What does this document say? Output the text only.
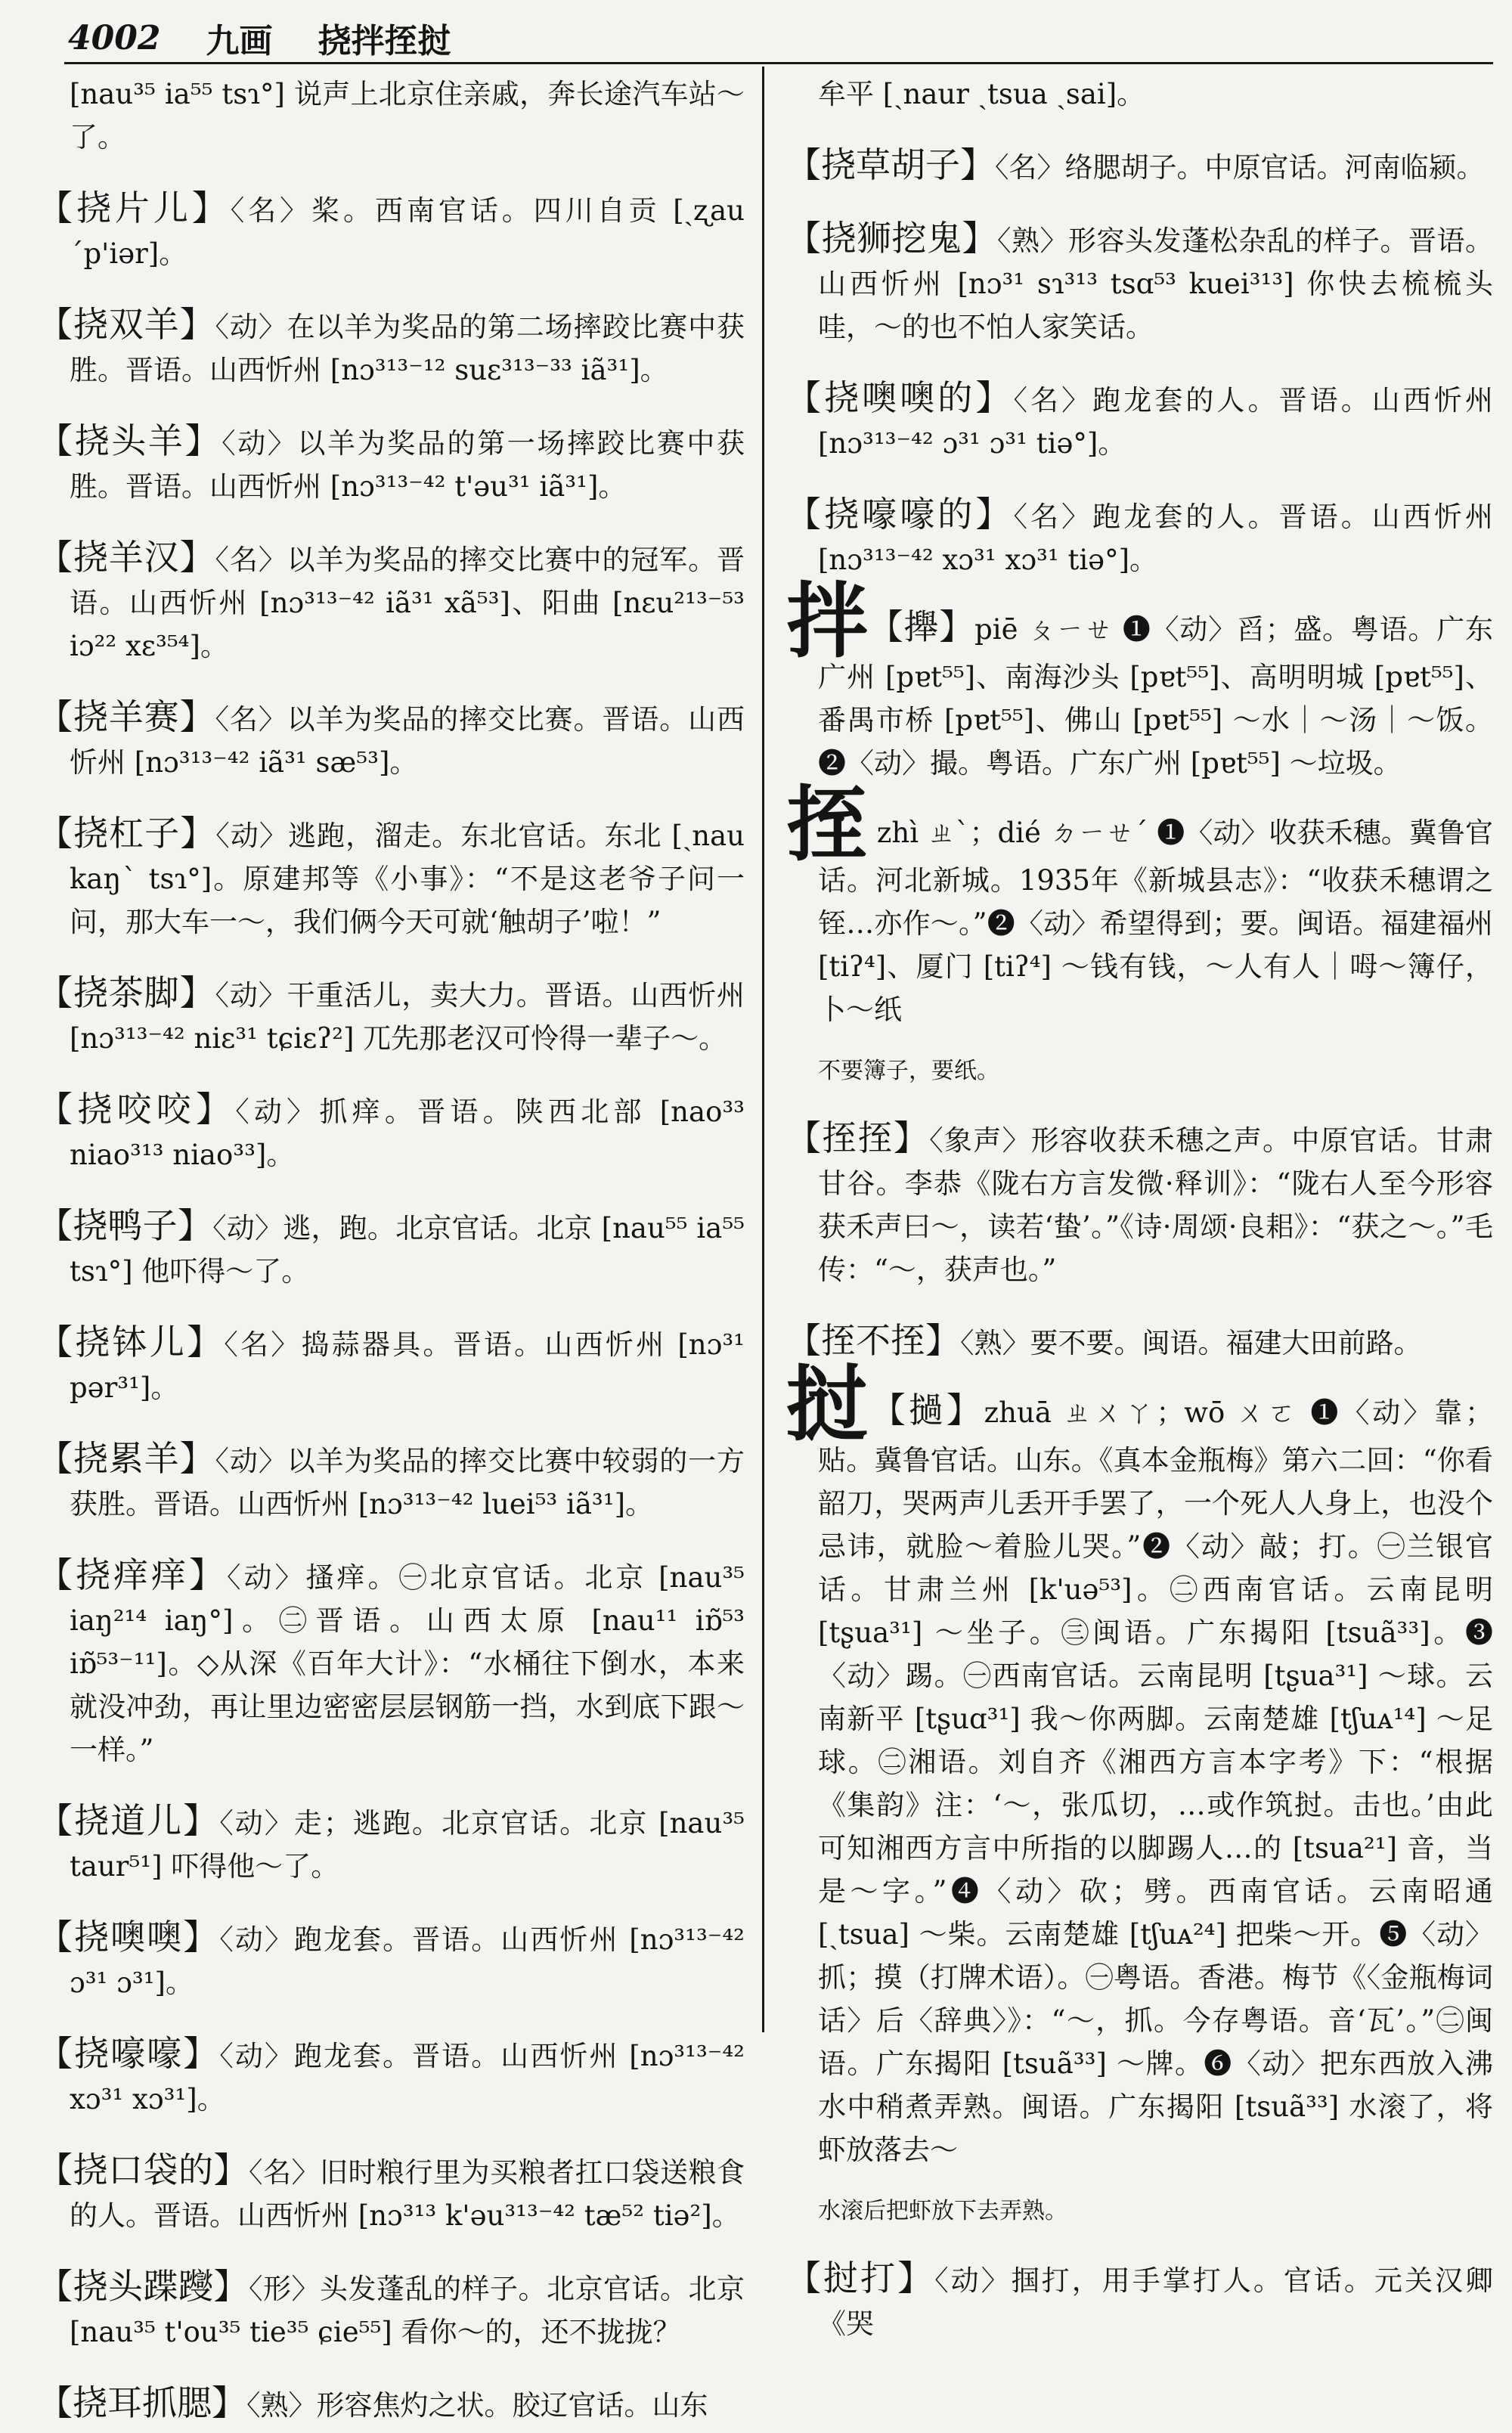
4002 九画 挠拌挃挝

[nau³⁵ ia⁵⁵ tsɿ°] 说声上北京住亲戚，奔长途汽车站～了。

【挠片儿】〈名〉桨。西南官话。四川自贡 [ˏʐau ˊp'iər]。

【挠双羊】〈动〉在以羊为奖品的第二场摔跤比赛中获胜。晋语。山西忻州 [nɔ³¹³⁻¹² suɛ³¹³⁻³³ iã³¹]。

【挠头羊】〈动〉以羊为奖品的第一场摔跤比赛中获胜。晋语。山西忻州 [nɔ³¹³⁻⁴² t'əu³¹ iã³¹]。

【挠羊汉】〈名〉以羊为奖品的摔交比赛中的冠军。晋语。山西忻州 [nɔ³¹³⁻⁴² iã³¹ xã⁵³]、阳曲 [nɛu²¹³⁻⁵³ iɔ²² xɛ³⁵⁴]。

【挠羊赛】〈名〉以羊为奖品的摔交比赛。晋语。山西忻州 [nɔ³¹³⁻⁴² iã³¹ sæ⁵³]。

【挠杠子】〈动〉逃跑，溜走。东北官话。东北 [ˏnau kaŋˋ tsɿ°]。原建邦等《小事》：“不是这老爷子问一问，那大车一～，我们俩今天可就‘触胡子’啦！”

【挠茶脚】〈动〉干重活儿，卖大力。晋语。山西忻州 [nɔ³¹³⁻⁴² niɛ³¹ tɕiɛʔ²] 兀先那老汉可怜得一辈子～。

【挠咬咬】〈动〉抓痒。晋语。陕西北部 [nao³³ niao³¹³ niao³³]。

【挠鸭子】〈动〉逃，跑。北京官话。北京 [nau⁵⁵ ia⁵⁵ tsɿ°] 他吓得～了。

【挠钵儿】〈名〉捣蒜器具。晋语。山西忻州 [nɔ³¹ pər³¹]。

【挠累羊】〈动〉以羊为奖品的摔交比赛中较弱的一方获胜。晋语。山西忻州 [nɔ³¹³⁻⁴² luei⁵³ iã³¹]。

【挠痒痒】〈动〉搔痒。㊀北京官话。北京 [nau³⁵ iaŋ²¹⁴ iaŋ°]。㊁晋语。山西太原 [nau¹¹ iɒ̃⁵³ iɒ̃⁵³⁻¹¹]。◇从深《百年大计》：“水桶往下倒水，本来就没冲劲，再让里边密密层层钢筋一挡，水到底下跟～一样。”

【挠道儿】〈动〉走；逃跑。北京官话。北京 [nau³⁵ taur⁵¹] 吓得他～了。

【挠噢噢】〈动〉跑龙套。晋语。山西忻州 [nɔ³¹³⁻⁴² ɔ³¹ ɔ³¹]。

【挠嚎嚎】〈动〉跑龙套。晋语。山西忻州 [nɔ³¹³⁻⁴² xɔ³¹ xɔ³¹]。

【挠口袋的】〈名〉旧时粮行里为买粮者扛口袋送粮食的人。晋语。山西忻州 [nɔ³¹³ k'əu³¹³⁻⁴² tæ⁵² tiə²]。

【挠头蹀躞】〈形〉头发蓬乱的样子。北京官话。北京 [nau³⁵ t'ou³⁵ tie³⁵ ɕie⁵⁵] 看你～的，还不拢拢？

【挠耳抓腮】〈熟〉形容焦灼之状。胶辽官话。山东

牟平 [ˏnaur ˏtsua ˏsai]。

【挠草胡子】〈名〉络腮胡子。中原官话。河南临颍。

【挠狮挖鬼】〈熟〉形容头发蓬松杂乱的样子。晋语。山西忻州 [nɔ³¹ sɿ³¹³ tsɑ⁵³ kuei³¹³] 你快去梳梳头哇，～的也不怕人家笑话。

【挠噢噢的】〈名〉跑龙套的人。晋语。山西忻州 [nɔ³¹³⁻⁴² ɔ³¹ ɔ³¹ tiə°]。

【挠嚎嚎的】〈名〉跑龙套的人。晋语。山西忻州 [nɔ³¹³⁻⁴² xɔ³¹ xɔ³¹ tiə°]。

拌【攑】piē ㄆㄧㄝ ❶〈动〉舀；盛。粤语。广东广州 [pɐt⁵⁵]、南海沙头 [pɐt⁵⁵]、高明明城 [pɐt⁵⁵]、番禺市桥 [pɐt⁵⁵]、佛山 [pɐt⁵⁵] ～水｜～汤｜～饭。❷〈动〉撮。粤语。广东广州 [pɐt⁵⁵] ～垃圾。

挃 zhì ㄓˋ；dié ㄉㄧㄝˊ ❶〈动〉收获禾穗。冀鲁官话。河北新城。1935年《新城县志》：“收获禾穗谓之铚…亦作～。”❷〈动〉希望得到；要。闽语。福建福州 [tiʔ⁴]、厦门 [tiʔ⁴] ～钱有钱，～人有人｜呣～簿仔，卜～纸

不要簿子，要纸。

【挃挃】〈象声〉形容收获禾穗之声。中原官话。甘肃甘谷。李恭《陇右方言发微·释训》：“陇右人至今形容获禾声曰～，读若‘蛰’。”《诗·周颂·良耜》：“获之～。”毛传：“～，获声也。”

【挃不挃】〈熟〉要不要。闽语。福建大田前路。

挝【撾】zhuā ㄓㄨㄚ；wō ㄨㄛ ❶〈动〉靠；贴。冀鲁官话。山东。《真本金瓶梅》第六二回：“你看韶刀，哭两声儿丢开手罢了，一个死人人身上，也没个忌讳，就脸～着脸儿哭。”❷〈动〉敲；打。㊀兰银官话。甘肃兰州 [k'uə⁵³]。㊁西南官话。云南昆明 [tʂua³¹] ～坐子。㊂闽语。广东揭阳 [tsuã³³]。❸〈动〉踢。㊀西南官话。云南昆明 [tʂua³¹] ～球。云南新平 [tʂuɑ³¹] 我～你两脚。云南楚雄 [tʃuᴀ¹⁴] ～足球。㊁湘语。刘自齐《湘西方言本字考》下：“根据《集韵》注：‘～，张瓜切，…或作筑挝。击也。’由此可知湘西方言中所指的以脚踢人…的 [tsua²¹] 音，当是～字。”❹〈动〉砍；劈。西南官话。云南昭通 [ˏtsua] ～柴。云南楚雄 [tʃuᴀ²⁴] 把柴～开。❺〈动〉抓；摸（打牌术语）。㊀粤语。香港。梅节《〈金瓶梅词话〉后〈辞典〉》：“～，抓。今存粤语。音‘瓦’。”㊁闽语。广东揭阳 [tsuã³³] ～牌。❻〈动〉把东西放入沸水中稍煮弄熟。闽语。广东揭阳 [tsuã³³] 水滚了，将虾放落去～

水滚后把虾放下去弄熟。

【挝打】〈动〉掴打，用手掌打人。官话。元关汉卿《哭
